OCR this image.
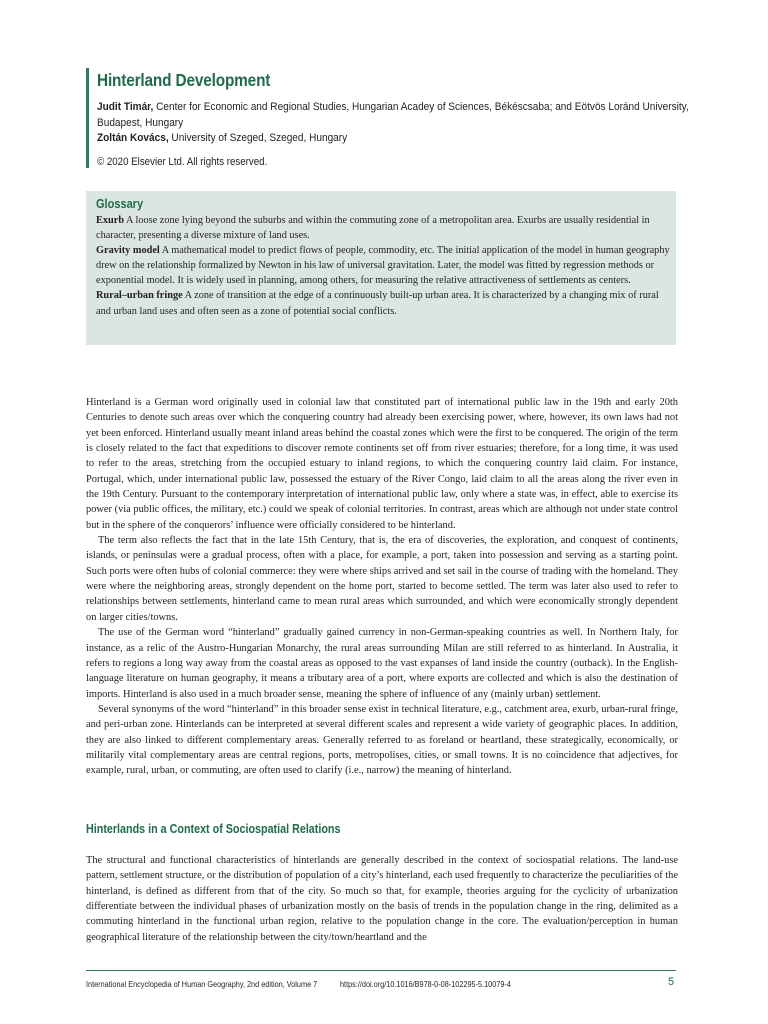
Hinterland Development
Judit Timár, Center for Economic and Regional Studies, Hungarian Acadey of Sciences, Békéscsaba; and Eötvös Loránd University, Budapest, Hungary
Zoltán Kovács, University of Szeged, Szeged, Hungary
© 2020 Elsevier Ltd. All rights reserved.
Glossary
Exurb A loose zone lying beyond the suburbs and within the commuting zone of a metropolitan area. Exurbs are usually residential in character, presenting a diverse mixture of land uses.
Gravity model A mathematical model to predict flows of people, commodity, etc. The initial application of the model in human geography drew on the relationship formalized by Newton in his law of universal gravitation. Later, the model was fitted by regression methods or exponential model. It is widely used in planning, among others, for measuring the relative attractiveness of settlements as centers.
Rural–urban fringe A zone of transition at the edge of a continuously built-up urban area. It is characterized by a changing mix of rural and urban land uses and often seen as a zone of potential social conflicts.

Hinterland is a German word originally used in colonial law that constituted part of international public law in the 19th and early 20th Centuries to denote such areas over which the conquering country had already been exercising power, where, however, its own laws had not yet been enforced. Hinterland usually meant inland areas behind the coastal zones which were the first to be conquered. The origin of the term is closely related to the fact that expeditions to discover remote continents set off from river estuaries; therefore, for a long time, it was used to refer to the areas, stretching from the occupied estuary to inland regions, to which the conquering country laid claim. For instance, Portugal, which, under international public law, possessed the estuary of the River Congo, laid claim to all the areas along the river even in the 19th Century. Pursuant to the contemporary interpretation of international public law, only where a state was, in effect, able to exercise its power (via public offices, the military, etc.) could we speak of colonial territories. In contrast, areas which are although not under state control but in the sphere of the conquerors’ influence were officially considered to be hinterland.

The term also reflects the fact that in the late 15th Century, that is, the era of discoveries, the exploration, and conquest of continents, islands, or peninsulas were a gradual process, often with a place, for example, a port, taken into possession and serving as a starting point. Such ports were often hubs of colonial commerce: they were where ships arrived and set sail in the course of trading with the homeland. They were where the neighboring areas, strongly dependent on the home port, started to become settled. The term was later also used to refer to relationships between settlements, hinterland came to mean rural areas which surrounded, and which were economically strongly dependent on larger cities/towns.

The use of the German word “hinterland” gradually gained currency in non-German-speaking countries as well. In Northern Italy, for instance, as a relic of the Austro-Hungarian Monarchy, the rural areas surrounding Milan are still referred to as hinterland. In Australia, it refers to regions a long way away from the coastal areas as opposed to the vast expanses of land inside the country (outback). In the English-language literature on human geography, it means a tributary area of a port, where exports are collected and which is also the destination of imports. Hinterland is also used in a much broader sense, meaning the sphere of influence of any (mainly urban) settlement.

Several synonyms of the word “hinterland” in this broader sense exist in technical literature, e.g., catchment area, exurb, urban-rural fringe, and peri-urban zone. Hinterlands can be interpreted at several different scales and represent a wide variety of geographic places. In addition, they are also linked to different complementary areas. Generally referred to as foreland or heartland, these strategically, economically, or militarily vital complementary areas are central regions, ports, metropolises, cities, or small towns. It is no coincidence that adjectives, for example, rural, urban, or commuting, are often used to clarify (i.e., narrow) the meaning of hinterland.

Hinterlands in a Context of Sociospatial Relations

The structural and functional characteristics of hinterlands are generally described in the context of sociospatial relations. The land-use pattern, settlement structure, or the distribution of population of a city’s hinterland, each used frequently to characterize the peculiarities of the hinterland, is defined as different from that of the city. So much so that, for example, theories arguing for the cyclicity of urbanization differentiate between the individual phases of urbanization mostly on the basis of trends in the population change in the ring, delimited as a commuting hinterland in the functional urban region, relative to the population change in the core. The evaluation/perception in human geographical literature of the relationship between the city/town/heartland and the

International Encyclopedia of Human Geography, 2nd edition, Volume 7	https://doi.org/10.1016/B978-0-08-102295-5.10079-4	5
